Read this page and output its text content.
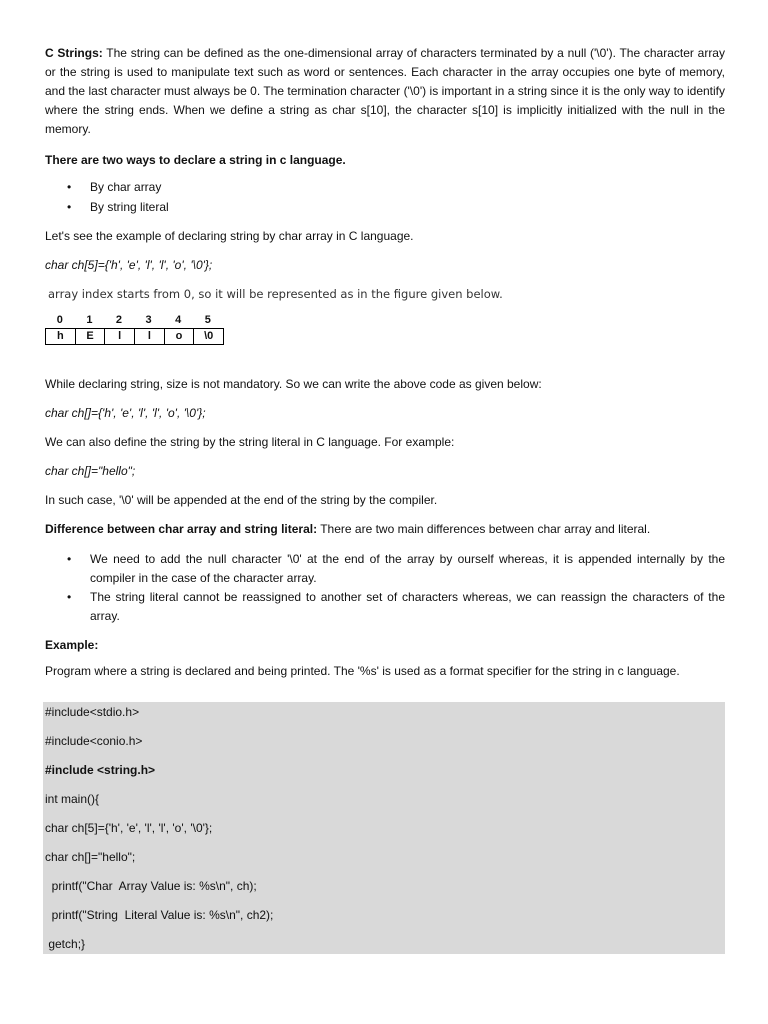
C Strings: The string can be defined as the one-dimensional array of characters terminated by a null ('\0'). The character array or the string is used to manipulate text such as word or sentences. Each character in the array occupies one byte of memory, and the last character must always be 0. The termination character ('\0') is important in a string since it is the only way to identify where the string ends. When we define a string as char s[10], the character s[10] is implicitly initialized with the null in the memory.

There are two ways to declare a string in c language.

• By char array
• By string literal

Let's see the example of declaring string by char array in C language.

char ch[5]={'h', 'e', 'l', 'l', 'o', '\0'};

array index starts from 0, so it will be represented as in the figure given below.

0	1	2	3	4	5
h	E	l	l	o	\0

While declaring string, size is not mandatory. So we can write the above code as given below:

char ch[]={'h', 'e', 'l', 'l', 'o', '\0'};

We can also define the string by the string literal in C language. For example:

char ch[]="hello";

In such case, '\0' will be appended at the end of the string by the compiler.

Difference between char array and string literal: There are two main differences between char array and literal.

• We need to add the null character '\0' at the end of the array by ourself whereas, it is appended internally by the compiler in the case of the character array.
• The string literal cannot be reassigned to another set of characters whereas, we can reassign the characters of the array.

Example:

Program where a string is declared and being printed. The '%s' is used as a format specifier for the string in c language.

#include<stdio.h>
#include<conio.h>
#include <string.h>
int main(){
char ch[5]={'h', 'e', 'l', 'l', 'o', '\0'};
char ch[]="hello";
printf("Char  Array Value is: %s\n", ch);
printf("String  Literal Value is: %s\n", ch2);
getch;}
